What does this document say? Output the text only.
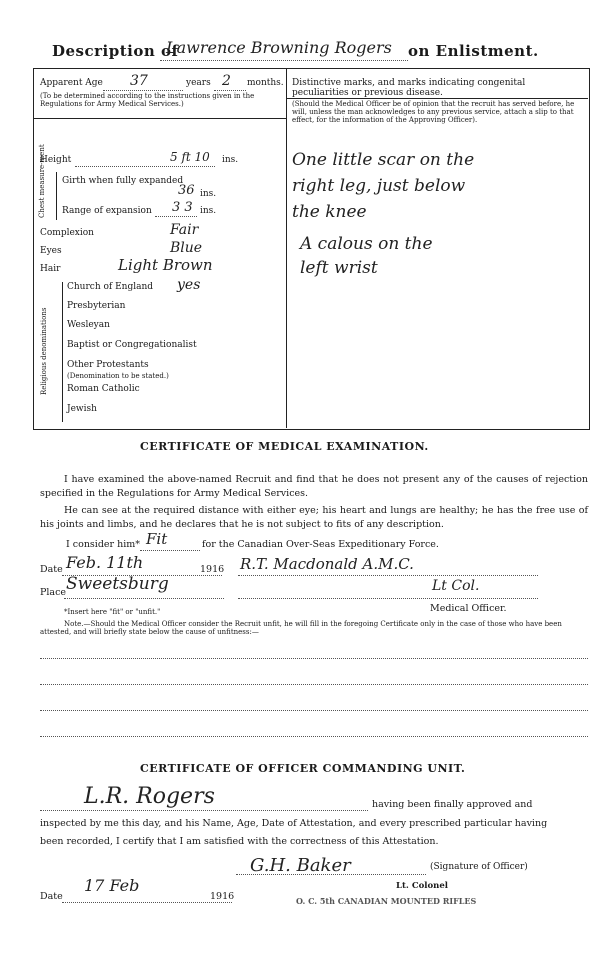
Description of
Lawrence Browning Rogers on Enlistment.
Apparent Age 37	years 2 months.
(To be determined according to the instructions given in the Regulations for Army Medical Services.)
Height	5 ft 10 ins.
Chest measure-ment Girth when fully expanded
36 ins.
Range of expansion 3 3 ins.
Complexion	Fair
Eyes	Blue
Hair	Light Brown
Religious denominations
Church of England yes
Presbyterian
Wesleyan
Baptist or Congregationalist
Other Protestants
(Denomination to be stated.)
Roman Catholic
Jewish
Distinctive marks, and marks indicating congenital peculiarities or previous disease.
(Should the Medical Officer be of opinion that the recruit has served before, he will, unless the man acknowledges to any previous service, attach a slip to that effect, for the information of the Approving Officer).
One little scar on the
right leg, just below
the knee
A calous on the
left wrist
CERTIFICATE OF MEDICAL EXAMINATION.
I have examined the above-named Recruit and find that he does not present any of the causes of rejection specified in the Regulations for Army Medical Services.
He can see at the required distance with either eye; his heart and lungs are healthy; he has the free use of his joints and limbs, and he declares that he is not subject to fits of any description.
I consider him* Fit	for the Canadian Over-Seas Expeditionary Force.
Date Feb. 11th	1916 R.T. Macdonald A.M.C.
Place Sweetsburg	Lt Col.
Medical Officer.
*Insert here "fit" or "unfit."
Note.—Should the Medical Officer consider the Recruit unfit, he will fill in the foregoing Certificate only in the case of those who have been attested, and will briefly state below the cause of unfitness:—
CERTIFICATE OF OFFICER COMMANDING UNIT.
L.R. Rogers	having been finally approved and
inspected by me this day, and his Name, Age, Date of Attestation, and every prescribed particular having
been recorded, I certify that I am satisfied with the correctness of this Attestation.
G.H. Baker	(Signature of Officer)
Lt. Colonel
O. C. 5th CANADIAN MOUNTED RIFLES
17 Feb
Date	1916
